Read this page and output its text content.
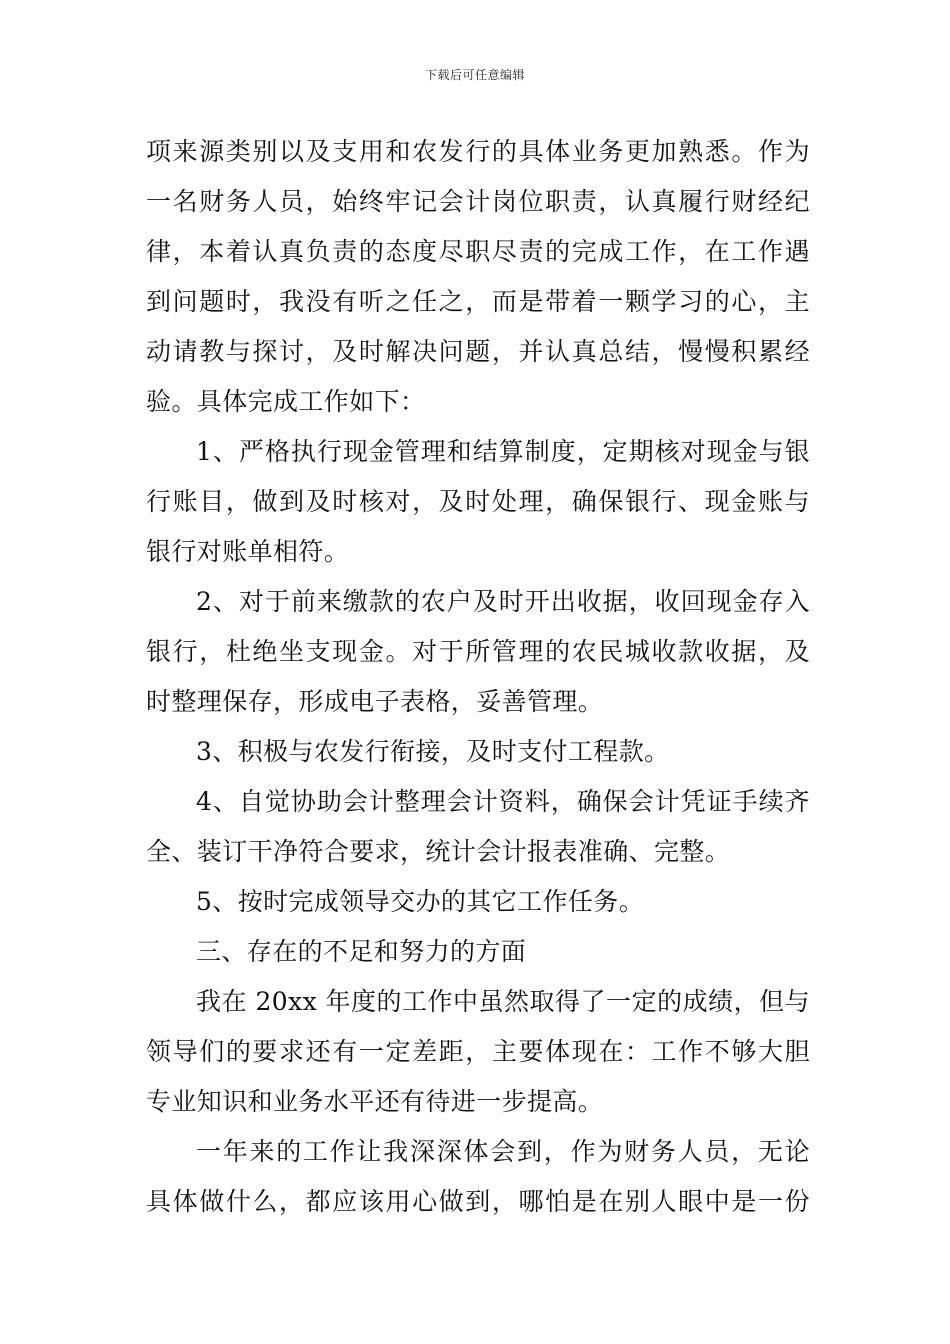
下载后可任意编辑
项来源类别以及支用和农发行的具体业务更加熟悉。作为
一名财务人员，始终牢记会计岗位职责，认真履行财经纪
律，本着认真负责的态度尽职尽责的完成工作，在工作遇
到问题时，我没有听之任之，而是带着一颗学习的心，主
动请教与探讨，及时解决问题，并认真总结，慢慢积累经
验。具体完成工作如下：
1、严格执行现金管理和结算制度，定期核对现金与银
行账目，做到及时核对，及时处理，确保银行、现金账与
银行对账单相符。
2、对于前来缴款的农户及时开出收据，收回现金存入
银行，杜绝坐支现金。对于所管理的农民城收款收据，及
时整理保存，形成电子表格，妥善管理。
3、积极与农发行衔接，及时支付工程款。
4、自觉协助会计整理会计资料，确保会计凭证手续齐
全、装订干净符合要求，统计会计报表准确、完整。
5、按时完成领导交办的其它工作任务。
三、存在的不足和努力的方面
我在 20xx 年度的工作中虽然取得了一定的成绩，但与
领导们的要求还有一定差距，主要体现在：工作不够大胆
专业知识和业务水平还有待进一步提高。
一年来的工作让我深深体会到，作为财务人员，无论
具体做什么，都应该用心做到，哪怕是在别人眼中是一份
